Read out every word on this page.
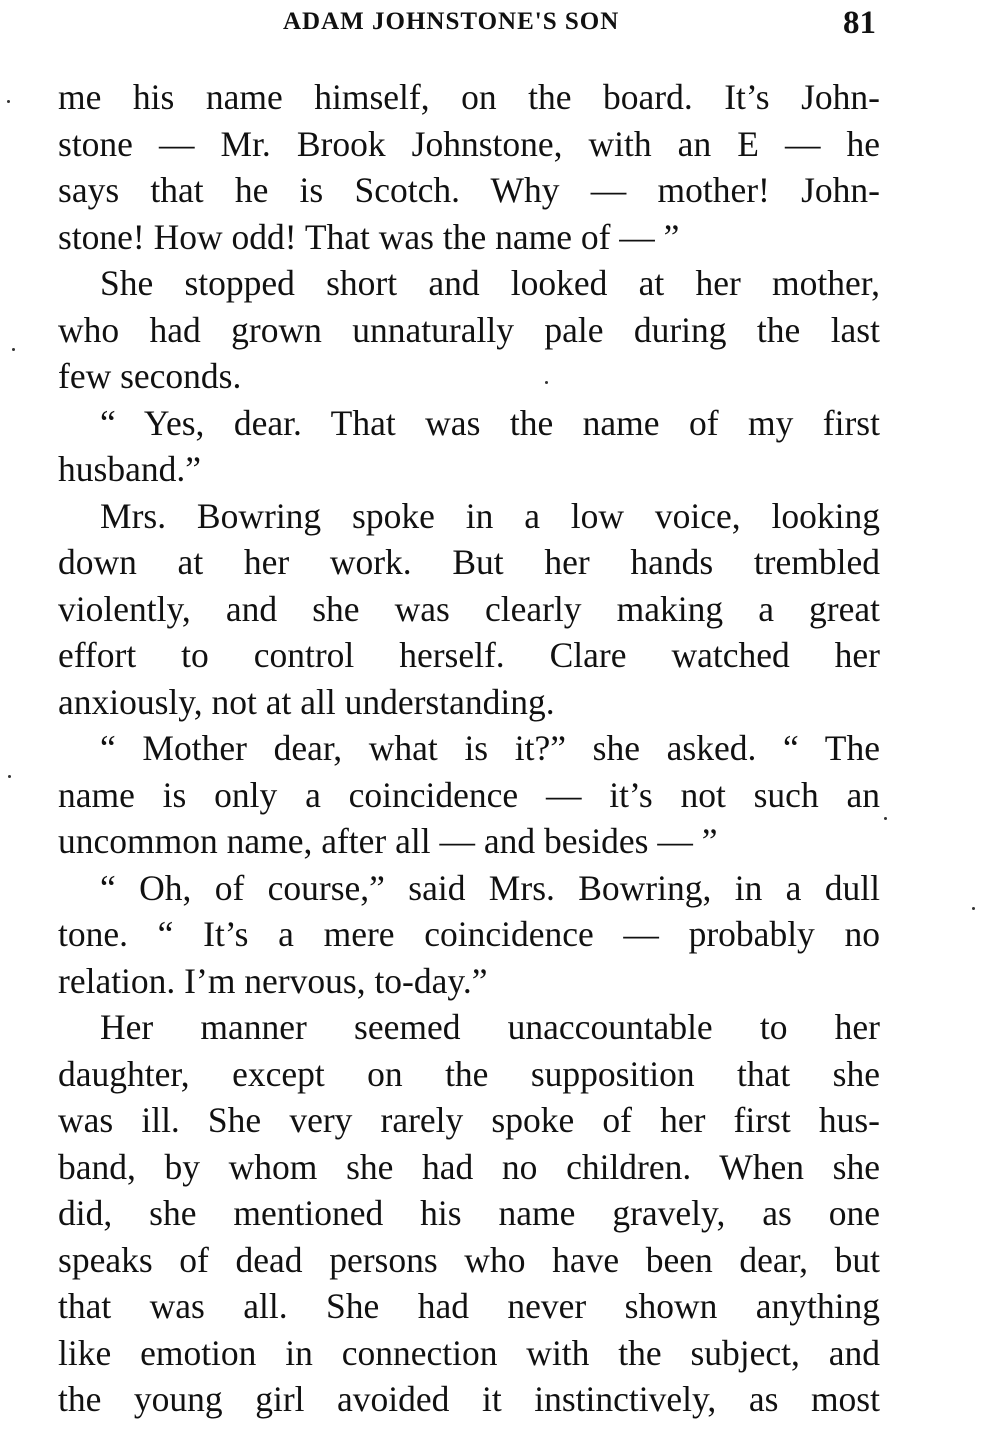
ADAM JOHNSTONE'S SON	81
me his name himself, on the board. It’s John-
stone — Mr. Brook Johnstone, with an E — he
says that he is Scotch. Why — mother! John-
stone! How odd! That was the name of — ”
She stopped short and looked at her mother,
who had grown unnaturally pale during the last
few seconds.
“ Yes, dear. That was the name of my first
husband.”
Mrs. Bowring spoke in a low voice, looking
down at her work. But her hands trembled
violently, and she was clearly making a great
effort to control herself. Clare watched her
anxiously, not at all understanding.
“ Mother dear, what is it?” she asked. “ The
name is only a coincidence — it’s not such an
uncommon name, after all — and besides — ”
“ Oh, of course,” said Mrs. Bowring, in a dull
tone. “ It’s a mere coincidence — probably no
relation. I’m nervous, to-day.”
Her manner seemed unaccountable to her
daughter, except on the supposition that she
was ill. She very rarely spoke of her first hus-
band, by whom she had no children. When she
did, she mentioned his name gravely, as one
speaks of dead persons who have been dear, but
that was all. She had never shown anything
like emotion in connection with the subject, and
the young girl avoided it instinctively, as most
